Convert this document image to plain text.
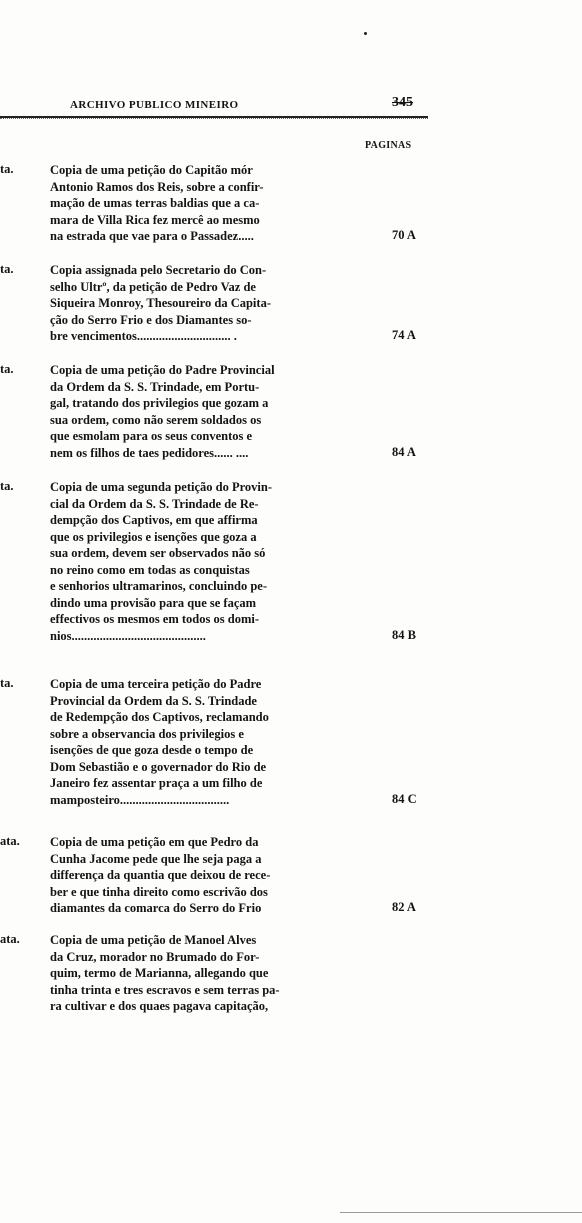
ARCHIVO PUBLICO MINEIRO	345
PAGINAS
ta.	Copia de uma petição do Capitão mór
Antonio Ramos dos Reis, sobre a confir-
mação de umas terras baldias que a ca-
mara de Villa Rica fez mercê ao mesmo
na estrada que vae para o Passadez.....	70 A
ta.	Copia assignada pelo Secretario do Con-
selho Ultrº, da petição de Pedro Vaz de
Siqueira Monroy, Thesoureiro da Capita-
ção do Serro Frio e dos Diamantes so-
bre vencimentos.............................. .	74 A
ta.	Copia de uma petição do Padre Provincial
da Ordem da S. S. Trindade, em Portu-
gal, tratando dos privilegios que gozam a
sua ordem, como não serem soldados os
que esmolam para os seus conventos e
nem os filhos de taes pedidores...... ....	84 A
ta.	Copia de uma segunda petição do Provin-
cial da Ordem da S. S. Trindade de Re-
dempção dos Captivos, em que affirma
que os privilegios e isenções que goza a
sua ordem, devem ser observados não só
no reino como em todas as conquistas
e senhorios ultramarinos, concluindo pe-
dindo uma provisão para que se façam
effectivos os mesmos em todos os domi-
nios...........................................	84 B
ta.	Copia de uma terceira petição do Padre
Provincial da Ordem da S. S. Trindade
de Redempção dos Captivos, reclamando
sobre a observancia dos privilegios e
isenções de que goza desde o tempo de
Dom Sebastião e o governador do Rio de
Janeiro fez assentar praça a um filho de
mamposteiro...................................	84 C
ata. Copia de uma petição em que Pedro da
Cunha Jacome pede que lhe seja paga a
differença da quantia que deixou de rece-
ber e que tinha direito como escrivão dos
diamantes da comarca do Serro do Frio	82 A
ata. Copia de uma petição de Manoel Alves
da Cruz, morador no Brumado do For-
quim, termo de Marianna, allegando que
tinha trinta e tres escravos e sem terras pa-
ra cultivar e dos quaes pagava capitação,
